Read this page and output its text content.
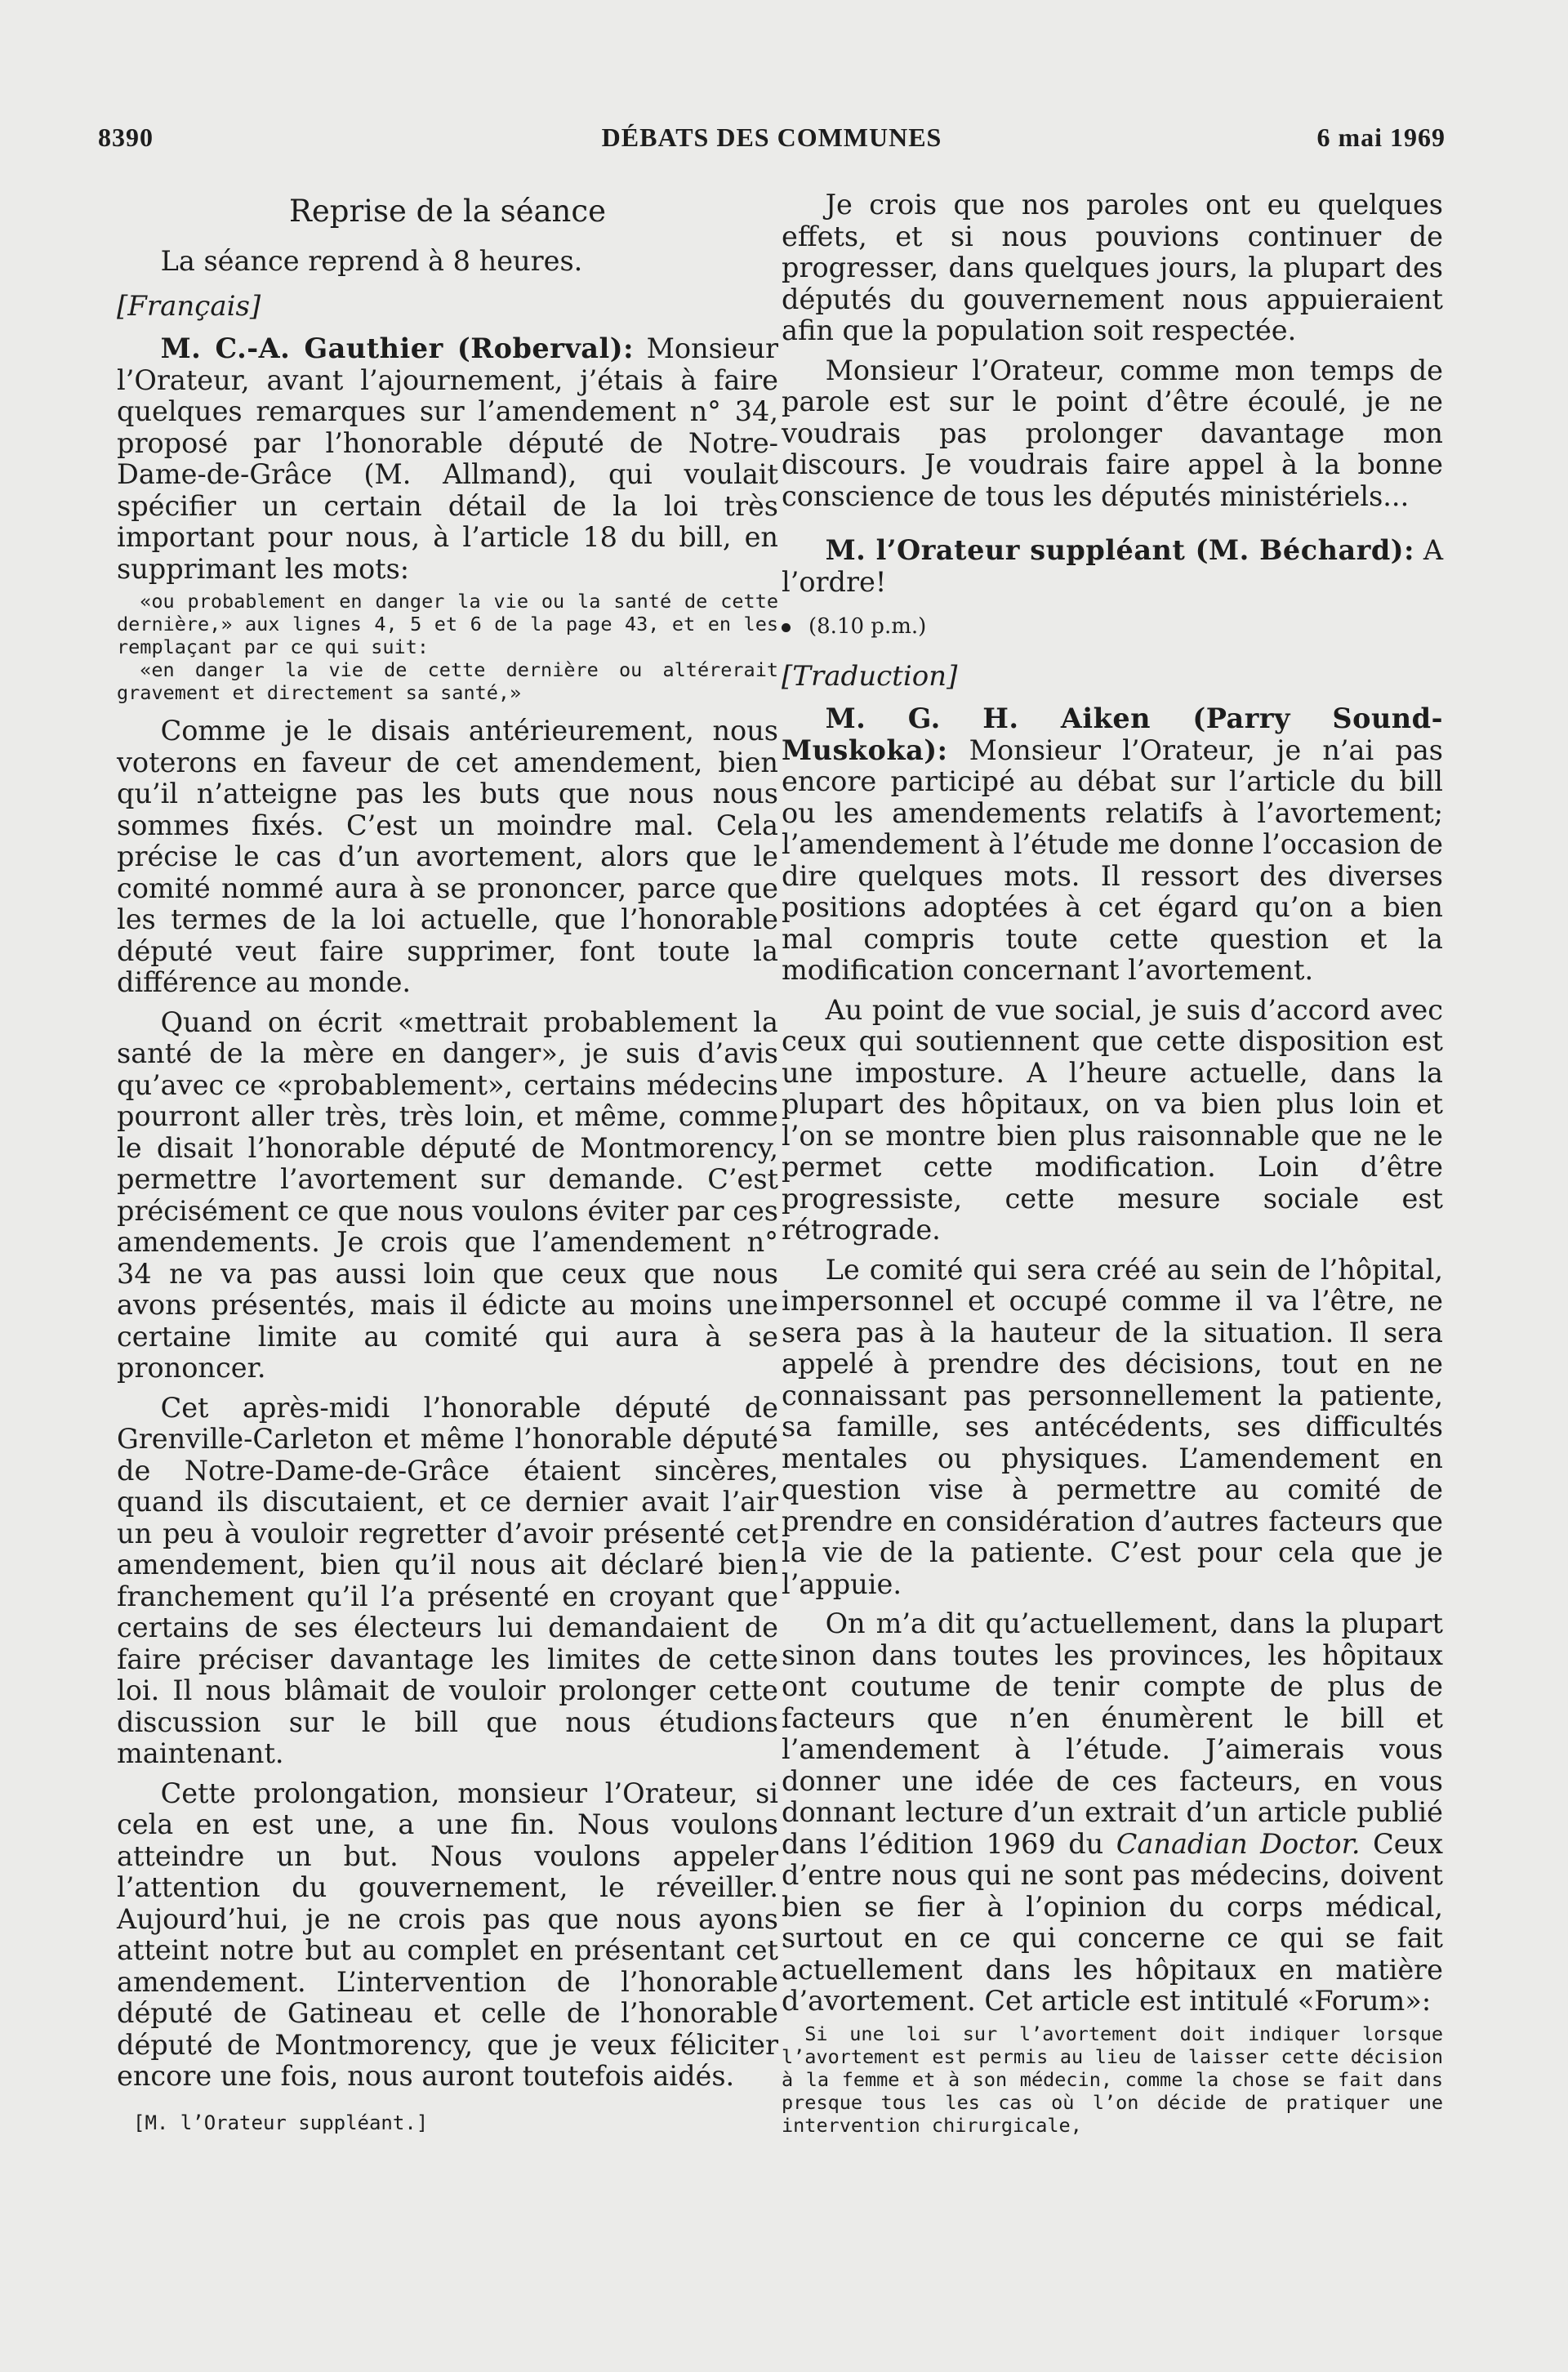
8390	DÉBATS DES COMMUNES	6 mai 1969
Reprise de la séance

La séance reprend à 8 heures.

[Français]

M. C.-A. Gauthier (Roberval): Monsieur l’Orateur, avant l’ajournement, j’étais à faire quelques remarques sur l’amendement n° 34, proposé par l’honorable député de Notre-Dame-de-Grâce (M. Allmand), qui voulait spécifier un certain détail de la loi très important pour nous, à l’article 18 du bill, en supprimant les mots:

«ou probablement en danger la vie ou la santé de cette dernière,» aux lignes 4, 5 et 6 de la page 43, et en les remplaçant par ce qui suit:

«en danger la vie de cette dernière ou altérerait gravement et directement sa santé,»

Comme je le disais antérieurement, nous voterons en faveur de cet amendement, bien qu’il n’atteigne pas les buts que nous nous sommes fixés. C’est un moindre mal. Cela précise le cas d’un avortement, alors que le comité nommé aura à se prononcer, parce que les termes de la loi actuelle, que l’honorable député veut faire supprimer, font toute la différence au monde.

Quand on écrit «mettrait probablement la santé de la mère en danger», je suis d’avis qu’avec ce «probablement», certains médecins pourront aller très, très loin, et même, comme le disait l’honorable député de Montmorency, permettre l’avortement sur demande. C’est précisément ce que nous voulons éviter par ces amendements. Je crois que l’amendement n° 34 ne va pas aussi loin que ceux que nous avons présentés, mais il édicte au moins une certaine limite au comité qui aura à se prononcer.

Cet après-midi l’honorable député de Grenville-Carleton et même l’honorable député de Notre-Dame-de-Grâce étaient sincères, quand ils discutaient, et ce dernier avait l’air un peu à vouloir regretter d’avoir présenté cet amendement, bien qu’il nous ait déclaré bien franchement qu’il l’a présenté en croyant que certains de ses électeurs lui demandaient de faire préciser davantage les limites de cette loi. Il nous blâmait de vouloir prolonger cette discussion sur le bill que nous étudions maintenant.

Cette prolongation, monsieur l’Orateur, si cela en est une, a une fin. Nous voulons atteindre un but. Nous voulons appeler l’attention du gouvernement, le réveiller. Aujourd’hui, je ne crois pas que nous ayons atteint notre but au complet en présentant cet amendement. L’intervention de l’honorable député de Gatineau et celle de l’honorable député de Montmorency, que je veux féliciter encore une fois, nous auront toutefois aidés.

[M. l’Orateur suppléant.]

Je crois que nos paroles ont eu quelques effets, et si nous pouvions continuer de progresser, dans quelques jours, la plupart des députés du gouvernement nous appuieraient afin que la population soit respectée.

Monsieur l’Orateur, comme mon temps de parole est sur le point d’être écoulé, je ne voudrais pas prolonger davantage mon discours. Je voudrais faire appel à la bonne conscience de tous les députés ministériels...

M. l’Orateur suppléant (M. Béchard): A l’ordre!

(8.10 p.m.)

[Traduction]

M. G. H. Aiken (Parry Sound-Muskoka): Monsieur l’Orateur, je n’ai pas encore participé au débat sur l’article du bill ou les amendements relatifs à l’avortement; l’amendement à l’étude me donne l’occasion de dire quelques mots. Il ressort des diverses positions adoptées à cet égard qu’on a bien mal compris toute cette question et la modification concernant l’avortement.

Au point de vue social, je suis d’accord avec ceux qui soutiennent que cette disposition est une imposture. A l’heure actuelle, dans la plupart des hôpitaux, on va bien plus loin et l’on se montre bien plus raisonnable que ne le permet cette modification. Loin d’être progressiste, cette mesure sociale est rétrograde.

Le comité qui sera créé au sein de l’hôpital, impersonnel et occupé comme il va l’être, ne sera pas à la hauteur de la situation. Il sera appelé à prendre des décisions, tout en ne connaissant pas personnellement la patiente, sa famille, ses antécédents, ses difficultés mentales ou physiques. L’amendement en question vise à permettre au comité de prendre en considération d’autres facteurs que la vie de la patiente. C’est pour cela que je l’appuie.

On m’a dit qu’actuellement, dans la plupart sinon dans toutes les provinces, les hôpitaux ont coutume de tenir compte de plus de facteurs que n’en énumèrent le bill et l’amendement à l’étude. J’aimerais vous donner une idée de ces facteurs, en vous donnant lecture d’un extrait d’un article publié dans l’édition 1969 du Canadian Doctor. Ceux d’entre nous qui ne sont pas médecins, doivent bien se fier à l’opinion du corps médical, surtout en ce qui concerne ce qui se fait actuellement dans les hôpitaux en matière d’avortement. Cet article est intitulé «Forum»:

Si une loi sur l’avortement doit indiquer lorsque l’avortement est permis au lieu de laisser cette décision à la femme et à son médecin, comme la chose se fait dans presque tous les cas où l’on décide de pratiquer une intervention chirurgicale,
